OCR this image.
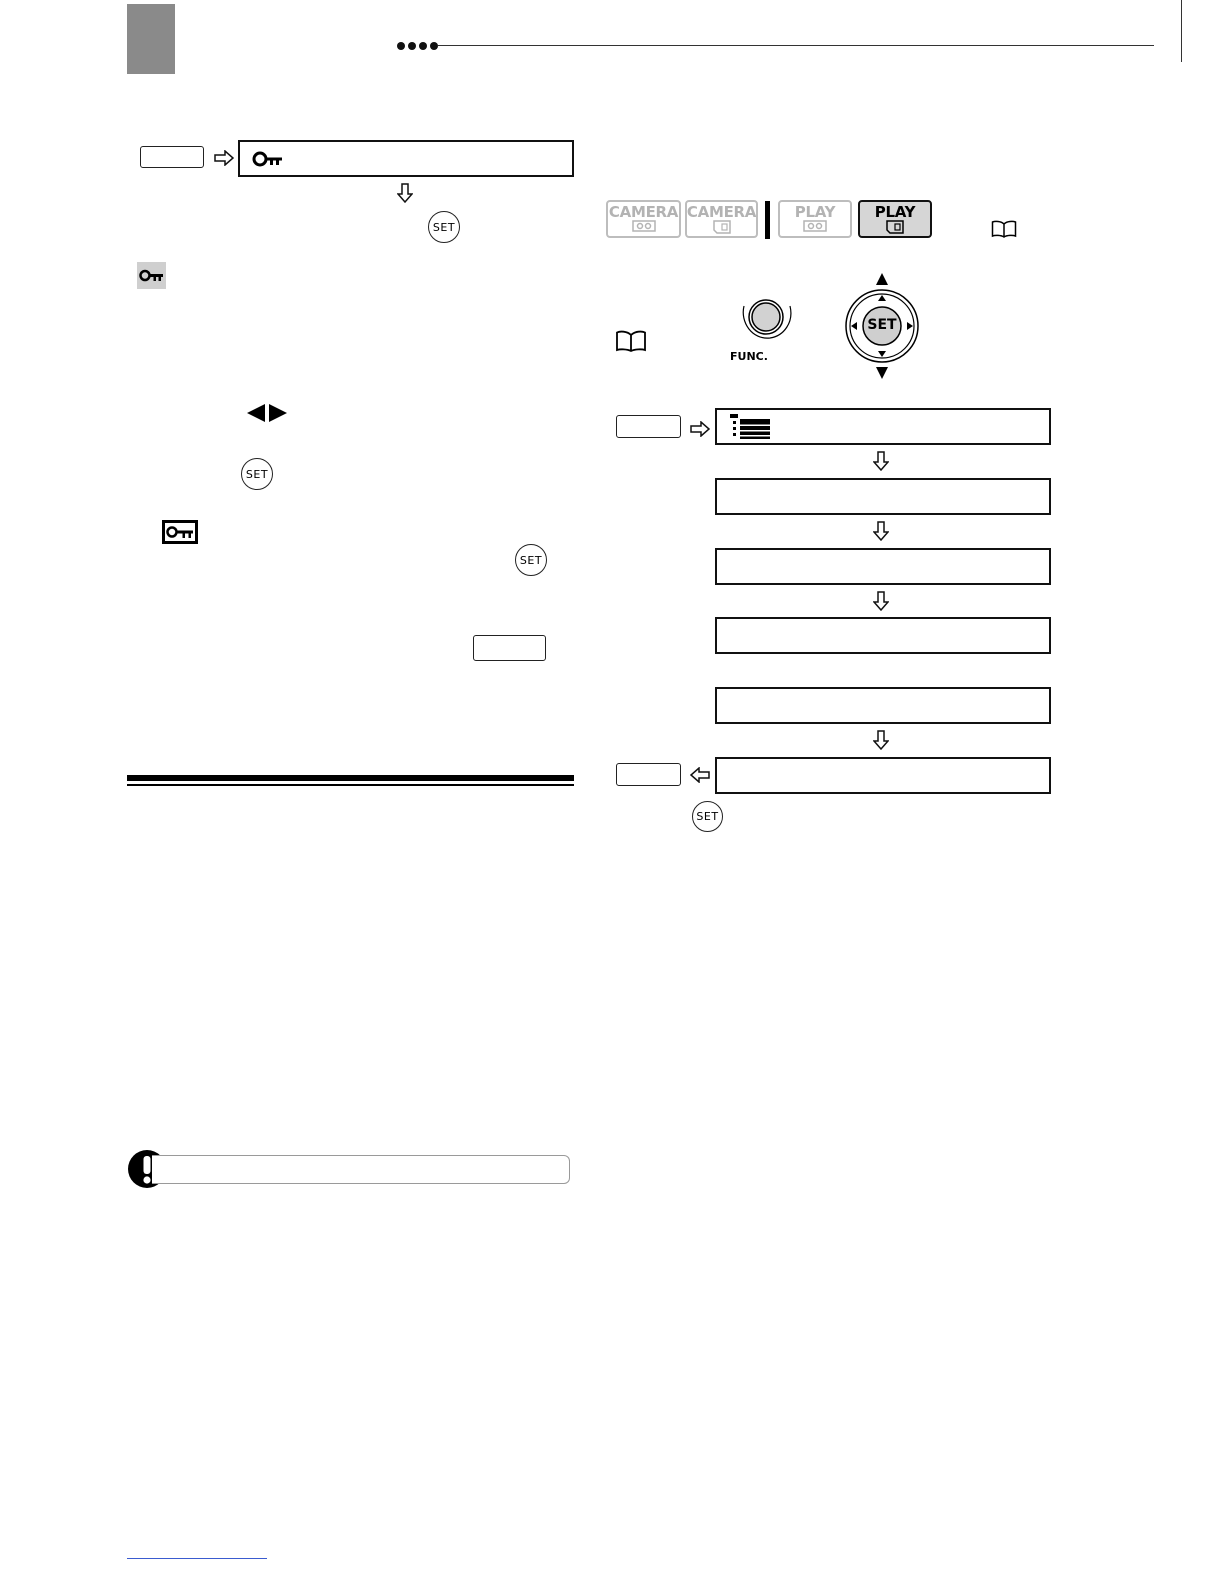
SET
SET
SET
CAMERA CAMERA	PLAY	PLAY
FUNC.
SET
SET
